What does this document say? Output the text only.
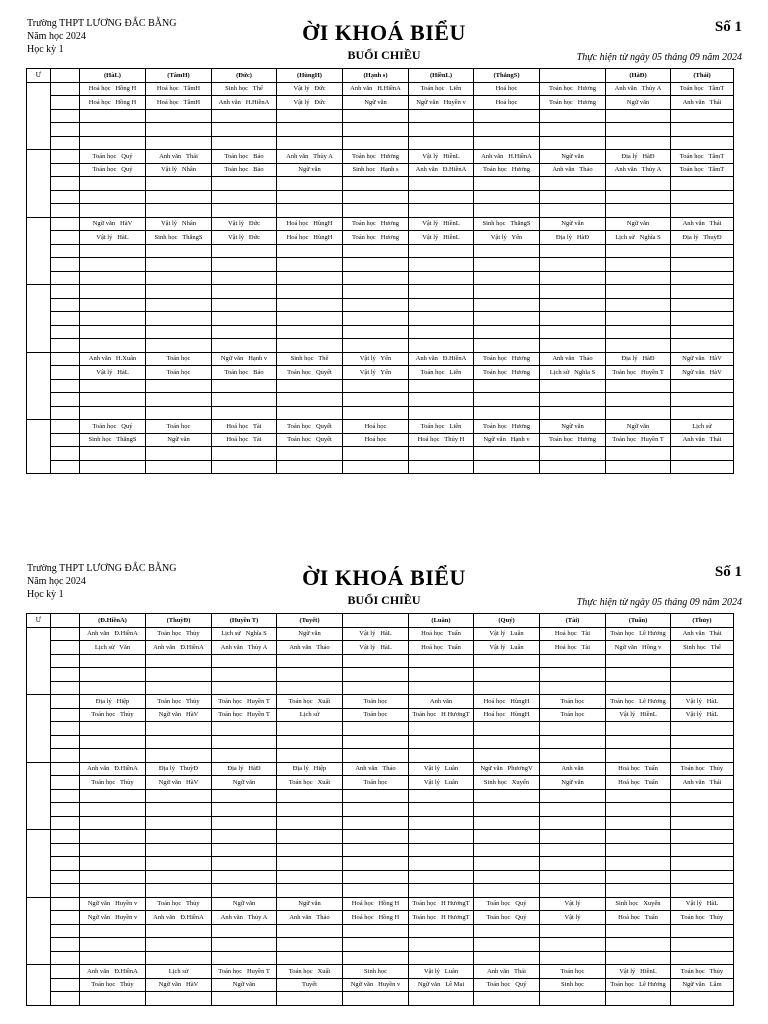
Trường THPT LƯƠNG ĐẮC BẰNG
Năm học 2024
Học kỳ 1
ỜI KHOÁ BIỂU
BUỔI CHIỀU
Số 1
Thực hiện từ ngày 05 tháng 09 năm 2024
Ư		(HàL)	(TâmH)	(Đức)	(HùngH)	(Hạnh s)	(HiềnL)	(ThắngS)		(HàĐ)	(Thái)
		Hoá học   Hồng H	Hoá học   TâmH	Sinh học   Thế	Vật lý   Đức	Anh văn   H.HiềnA	Toán học   Liên	Hoá học	Toán học   Hương	Anh văn   Thủy A	Toán học   TâmT
		Hoá học   Hồng H	Hoá học   TâmH	Anh văn   H.HiềnA	Vật lý   Đức	Ngữ văn	Ngữ văn   Huyền v	Hoá học	Toán học   Hương	Ngữ văn	Anh văn   Thái

		Toán học   Quý	Anh văn   Thái	Toán học   Bảo	Anh văn   Thủy A	Toán học   Hương	Vật lý   HiềnL	Anh văn   H.HiềnA	Ngữ văn	Địa lý   HàĐ	Toán học   TâmT
		Toán học   Quý	Vật lý   Nhân	Toán học   Bảo	Ngữ văn	Sinh học   Hạnh s	Anh văn   Đ.HiềnA	Toán học   Hương	Anh văn   Thảo	Anh văn   Thủy A	Toán học   TâmT

		Ngữ văn   HàV	Vật lý   Nhân	Vật lý   Đức	Hoá học   HùngH	Toán học   Hương	Vật lý   HiềnL	Sinh học   ThắngS	Ngữ văn	Ngữ văn	Anh văn   Thái
		Vật lý   HàL	Sinh học   ThắngS	Vật lý   Đức	Hoá học   HùngH	Toán học   Hương	Vật lý   HiềnL	Vật lý   Yến	Địa lý   HàĐ	Lịch sử   Nghĩa S	Địa lý   ThuỳĐ

		Anh văn   H.Xuân	Toán học	Ngữ văn   Hạnh v	Sinh học   Thế	Vật lý   Yến	Anh văn   Đ.HiềnA	Toán học   Hương	Anh văn   Thảo	Địa lý   HàĐ	Ngữ văn   HàV
		Vật lý   HàL	Toán học	Toán học   Bảo	Toán học   Quyết	Vật lý   Yến	Toán học   Liên	Toán học   Hương	Lịch sử   Nghĩa S	Toán học   Huyền T	Ngữ văn   HàV

		Toán học   Quý	Toán học	Hoá học   Tài	Toán học   Quyết	Hoá học	Toán học   Liên	Toán học   Hương	Ngữ văn	Ngữ văn	Lịch sử
		Sinh học   ThắngS	Ngữ văn	Hoá học   Tài	Toán học   Quyết	Hoá học	Hoá học   Thủy H	Ngữ văn   Hạnh v	Toán học   Hương	Toán học   Huyền T	Anh văn   Thái

Trường THPT LƯƠNG ĐẮC BẰNG
Năm học 2024
Học kỳ 1
ỜI KHOÁ BIỂU
BUỔI CHIỀU
Số 1
Thực hiện từ ngày 05 tháng 09 năm 2024
Ư		(Đ.HiềnA)	(ThuỳĐ)	(Huyền T)	(Tuyết)		(Luân)	(Quý)	(Tài)	(Tuấn)	(Thủy)
		Anh văn   Đ.HiềnA	Toán học   Thủy	Lịch sử   Nghĩa S	Ngữ văn	Vật lý   HàL	Hoá học   Tuấn	Vật lý   Luân	Hoá học   Tài	Toán học   Lê Hương	Anh văn   Thái
		Lịch sử   Văn	Anh văn   Đ.HiềnA	Anh văn   Thủy A	Anh văn   Thảo	Vật lý   HàL	Hoá học   Tuấn	Vật lý   Luân	Hoá học   Tài	Ngữ văn   Hồng v	Sinh học   Thế

		Địa lý   Hiệp	Toán học   Thủy	Toán học   Huyền T	Toán học   Xuất	Toán học	Anh văn	Hoá học   HùngH	Toán học	Toán học   Lê Hương	Vật lý   HàL
		Toán học   Thủy	Ngữ văn   HàV	Toán học   Huyền T	Lịch sử	Toán học	Toán học   H HươngT	Hoá học   HùngH	Toán học	Vật lý   HiềnL	Vật lý   HàL

		Anh văn   Đ.HiềnA	Địa lý   ThuỳĐ	Địa lý   HàĐ	Địa lý   Hiệp	Anh văn   Thảo	Vật lý   Luân	Ngữ văn   PhươngV	Anh văn	Hoá học   Tuấn	Toán học   Thủy
		Toán học   Thủy	Ngữ văn   HàV	Ngữ văn	Toán học   Xuất	Toán học	Vật lý   Luân	Sinh học   Xuyến	Ngữ văn	Hoá học   Tuấn	Anh văn   Thái

		Ngữ văn   Huyền v	Toán học   Thủy	Ngữ văn	Ngữ văn	Hoá học   Hồng H	Toán học   H HươngT	Toán học   Quý	Vật lý	Sinh học   Xuyến	Vật lý   HàL
		Ngữ văn   Huyền v	Anh văn   Đ.HiềnA	Anh văn   Thủy A	Anh văn   Thảo	Hoá học   Hồng H	Toán học   H HươngT	Toán học   Quý	Vật lý	Hoá học   Tuấn	Toán học   Thủy

		Anh văn   Đ.HiềnA	Lịch sử	Toán học   Huyền T	Toán học   Xuất	Sinh học	Vật lý   Luân	Anh văn   Thái	Toán học	Vật lý   HiềnL	Toán học   Thủy
		Toán học   Thủy	Ngữ văn   HàV	Ngữ văn	Tuyết	Ngữ văn   Huyền v	Ngữ văn   Lê Mai	Toán học   Quý	Sinh học	Toán học   Lê Hương	Ngữ văn   Lâm
